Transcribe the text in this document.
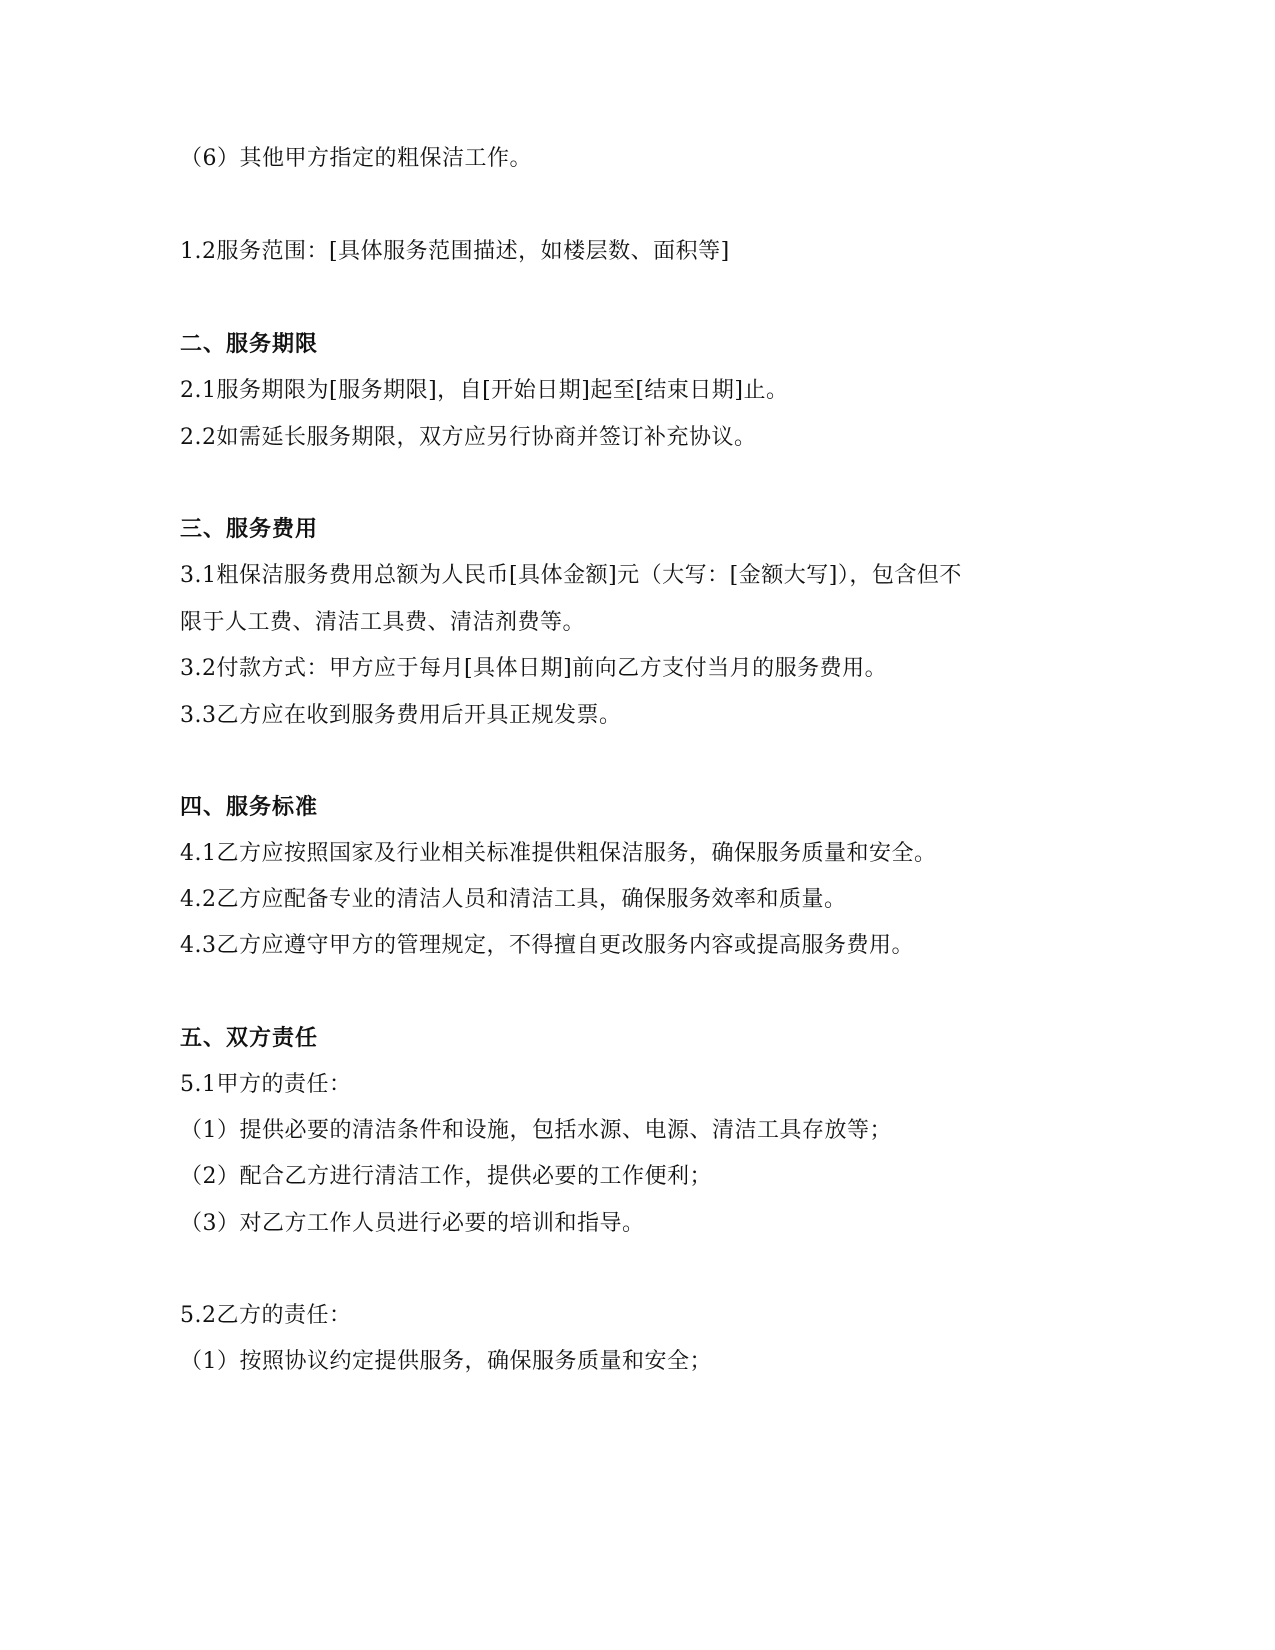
（6）其他甲方指定的粗保洁工作。
1.2服务范围：[具体服务范围描述，如楼层数、面积等]
二、服务期限
2.1服务期限为[服务期限]，自[开始日期]起至[结束日期]止。
2.2如需延长服务期限，双方应另行协商并签订补充协议。
三、服务费用
3.1粗保洁服务费用总额为人民币[具体金额]元（大写：[金额大写]），包含但不
限于人工费、清洁工具费、清洁剂费等。
3.2付款方式：甲方应于每月[具体日期]前向乙方支付当月的服务费用。
3.3乙方应在收到服务费用后开具正规发票。
四、服务标准
4.1乙方应按照国家及行业相关标准提供粗保洁服务，确保服务质量和安全。
4.2乙方应配备专业的清洁人员和清洁工具，确保服务效率和质量。
4.3乙方应遵守甲方的管理规定，不得擅自更改服务内容或提高服务费用。
五、双方责任
5.1甲方的责任：
（1）提供必要的清洁条件和设施，包括水源、电源、清洁工具存放等；
（2）配合乙方进行清洁工作，提供必要的工作便利；
（3）对乙方工作人员进行必要的培训和指导。
5.2乙方的责任：
（1）按照协议约定提供服务，确保服务质量和安全；
